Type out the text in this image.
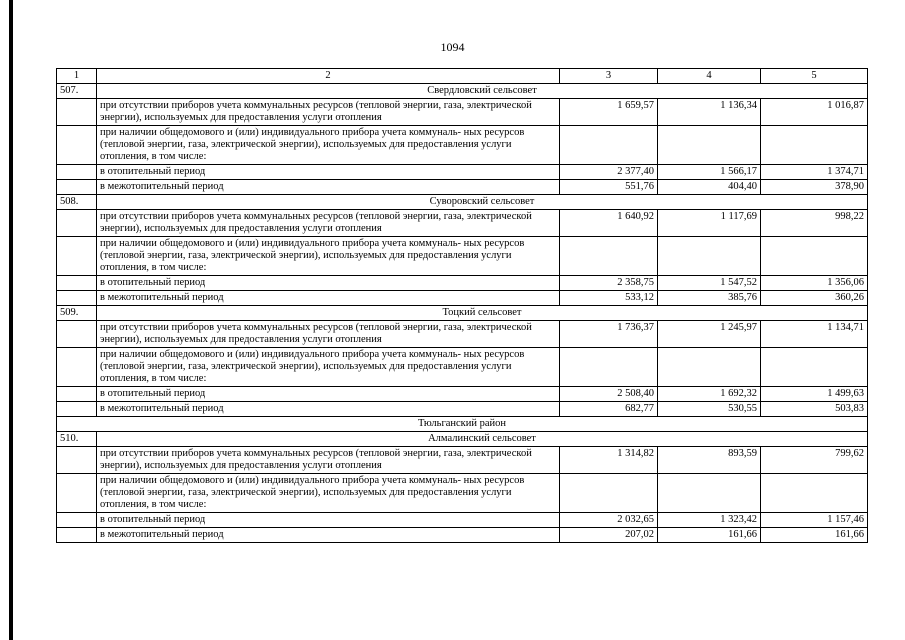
1094
1	2	3	4	5
507.	Свердловский сельсовет			
	при отсутствии приборов учета коммунальных ресурсов (тепловой энергии, газа, электрической энергии), используемых для предоставления услуги отопления	1 659,57	1 136,34	1 016,87
	при наличии общедомового и (или) индивидуального прибора учета коммуналь- ных ресурсов (тепловой энергии, газа, электрической энергии), используемых для предоставления услуги отопления, в том числе:			
	в отопительный период	2 377,40	1 566,17	1 374,71
	в межотопительный период	551,76	404,40	378,90
508.	Суворовский сельсовет			
	при отсутствии приборов учета коммунальных ресурсов (тепловой энергии, газа, электрической энергии), используемых для предоставления услуги отопления	1 640,92	1 117,69	998,22
	при наличии общедомового и (или) индивидуального прибора учета коммуналь- ных ресурсов (тепловой энергии, газа, электрической энергии), используемых для предоставления услуги отопления, в том числе:			
	в отопительный период	2 358,75	1 547,52	1 356,06
	в межотопительный период	533,12	385,76	360,26
509.	Тоцкий сельсовет			
	при отсутствии приборов учета коммунальных ресурсов (тепловой энергии, газа, электрической энергии), используемых для предоставления услуги отопления	1 736,37	1 245,97	1 134,71
	при наличии общедомового и (или) индивидуального прибора учета коммуналь- ных ресурсов (тепловой энергии, газа, электрической энергии), используемых для предоставления услуги отопления, в том числе:			
	в отопительный период	2 508,40	1 692,32	1 499,63
	в межотопительный период	682,77	530,55	503,83
Тюльганский район				
510.	Алмалинский сельсовет			
	при отсутствии приборов учета коммунальных ресурсов (тепловой энергии, газа, электрической энергии), используемых для предоставления услуги отопления	1 314,82	893,59	799,62
	при наличии общедомового и (или) индивидуального прибора учета коммуналь- ных ресурсов (тепловой энергии, газа, электрической энергии), используемых для предоставления услуги отопления, в том числе:			
	в отопительный период	2 032,65	1 323,42	1 157,46
	в межотопительный период	207,02	161,66	161,66
